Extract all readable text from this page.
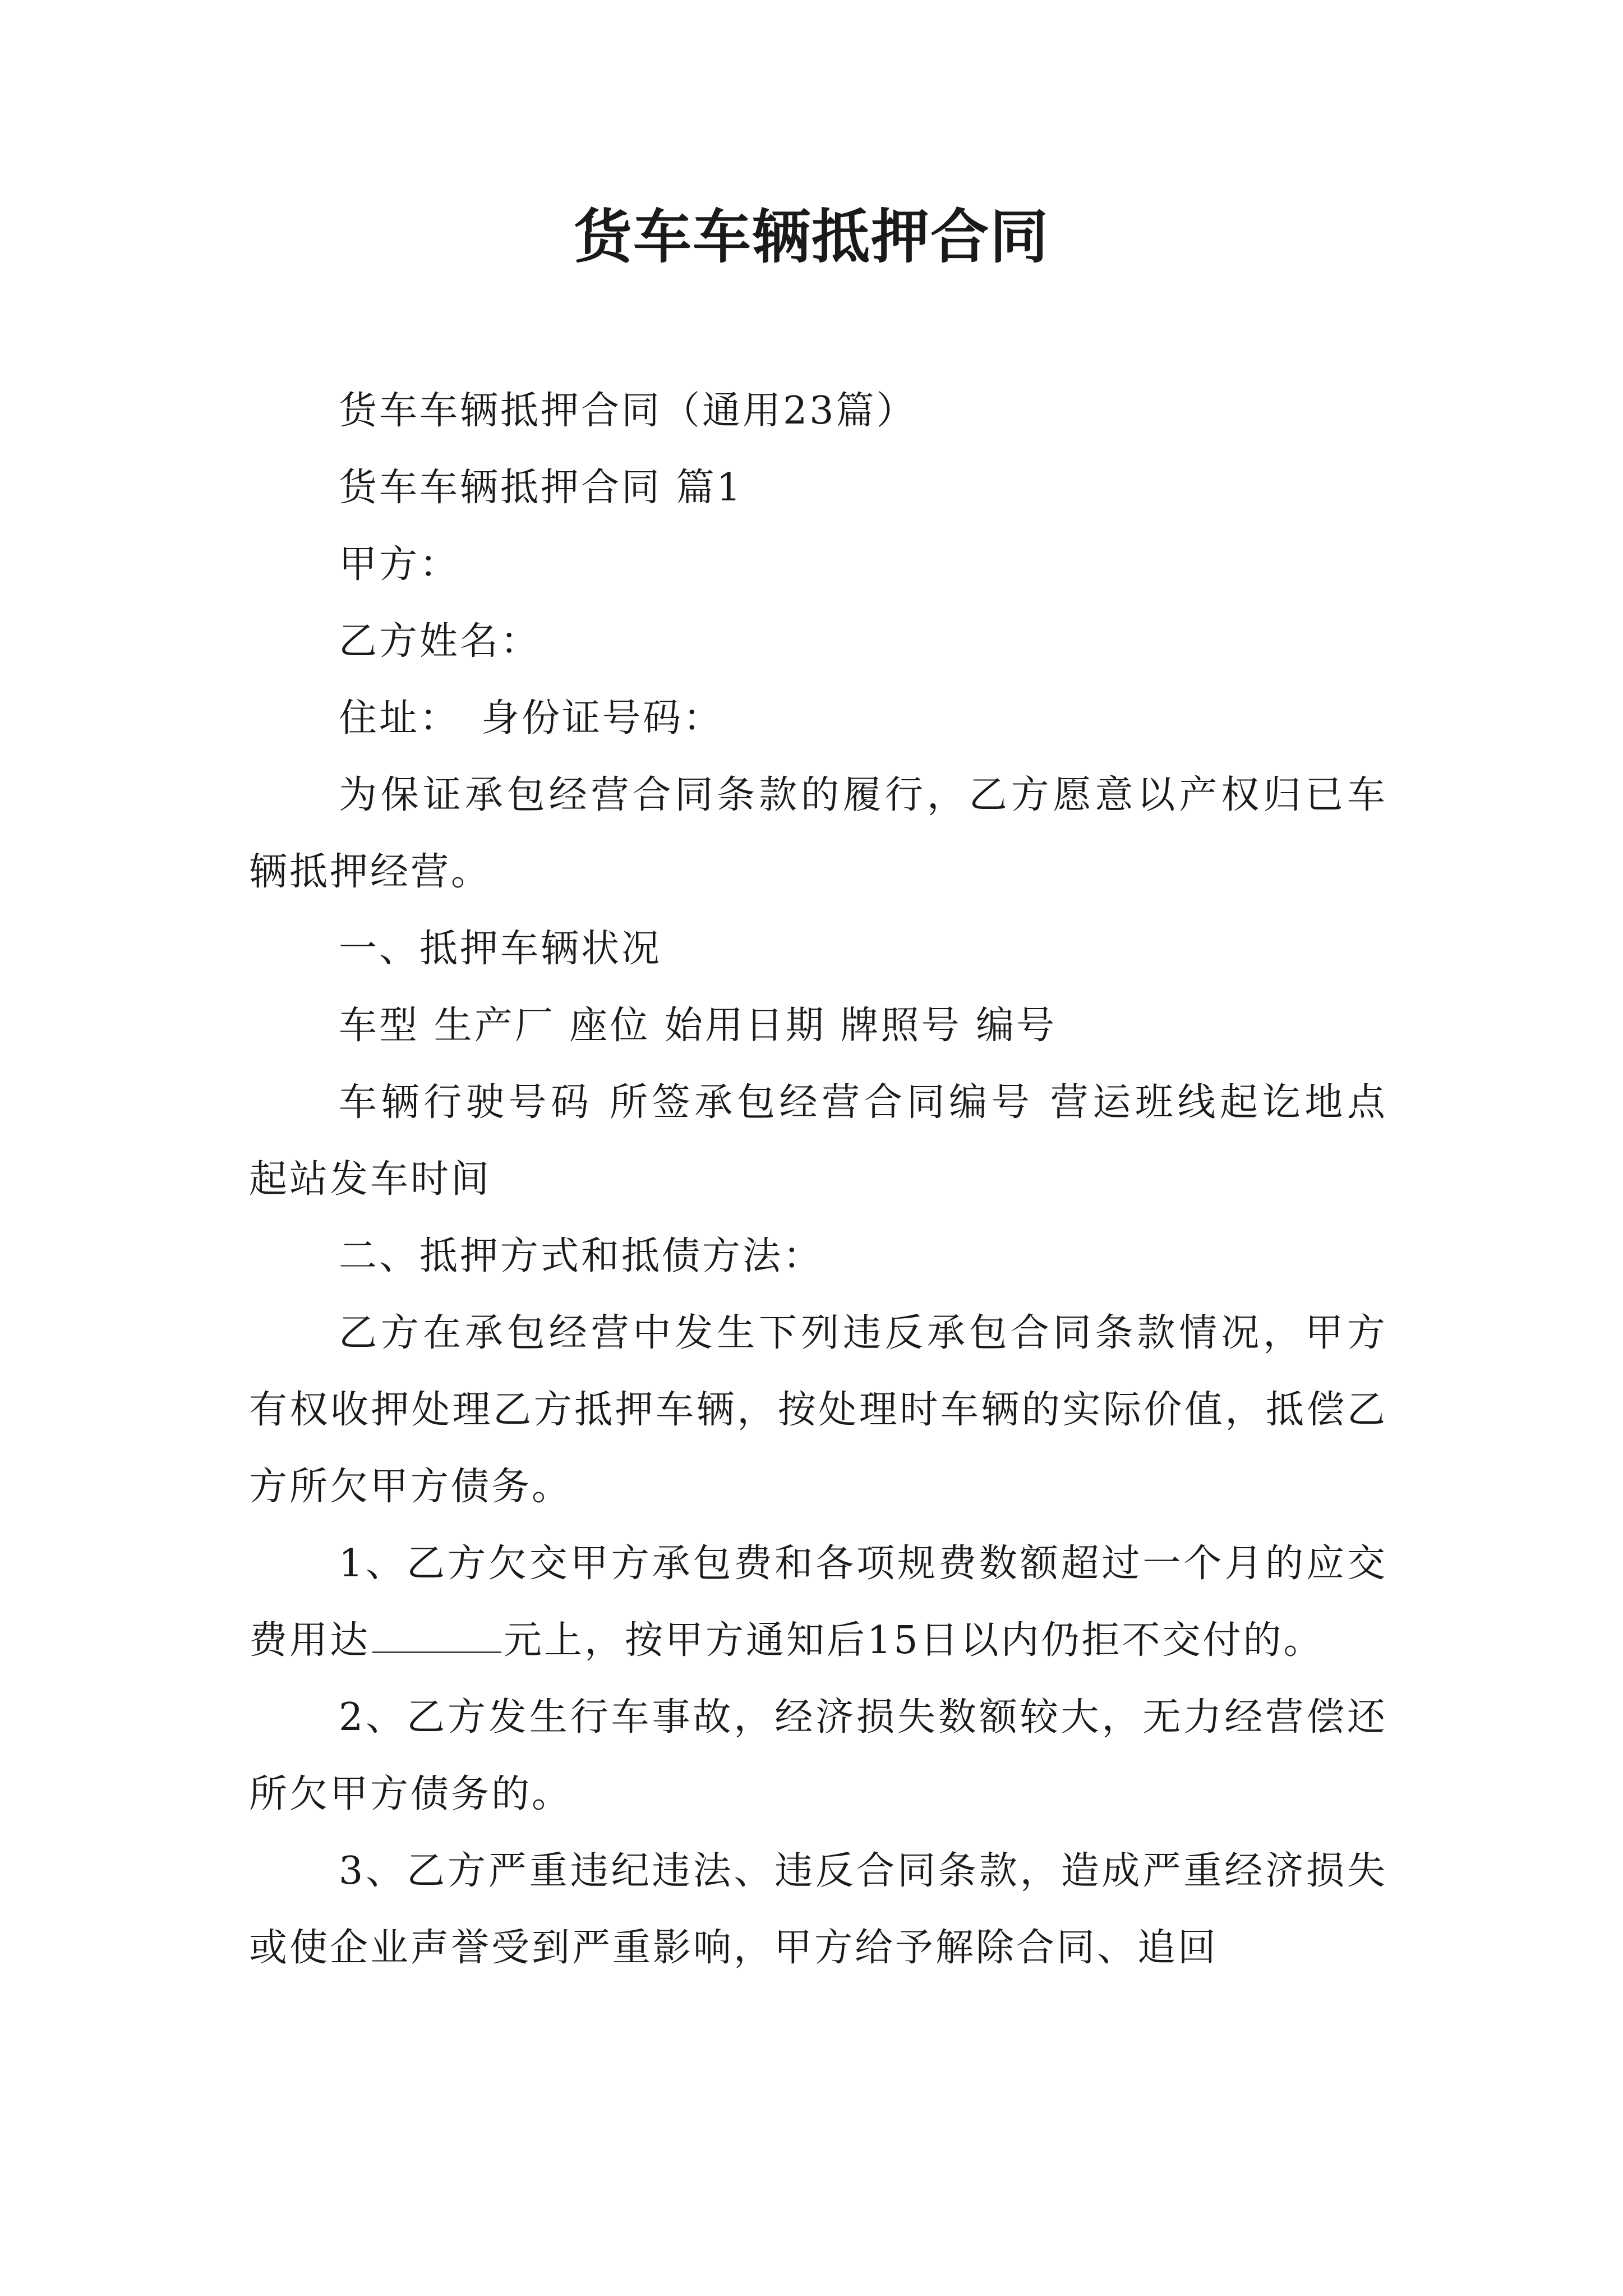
货车车辆抵押合同

货车车辆抵押合同（通用23篇）

货车车辆抵押合同 篇1

甲方：

乙方姓名：

住址：　身份证号码：

为保证承包经营合同条款的履行，乙方愿意以产权归已车辆抵押经营。

一、抵押车辆状况

车型 生产厂 座位 始用日期 牌照号 编号

车辆行驶号码 所签承包经营合同编号 营运班线起讫地点 起站发车时间

二、抵押方式和抵债方法：

乙方在承包经营中发生下列违反承包合同条款情况，甲方有权收押处理乙方抵押车辆，按处理时车辆的实际价值，抵偿乙方所欠甲方债务。

1、乙方欠交甲方承包费和各项规费数额超过一个月的应交费用达	元上，按甲方通知后15日以内仍拒不交付的。

2、乙方发生行车事故，经济损失数额较大，无力经营偿还所欠甲方债务的。

3、乙方严重违纪违法、违反合同条款，造成严重经济损失或使企业声誉受到严重影响，甲方给予解除合同、追回
